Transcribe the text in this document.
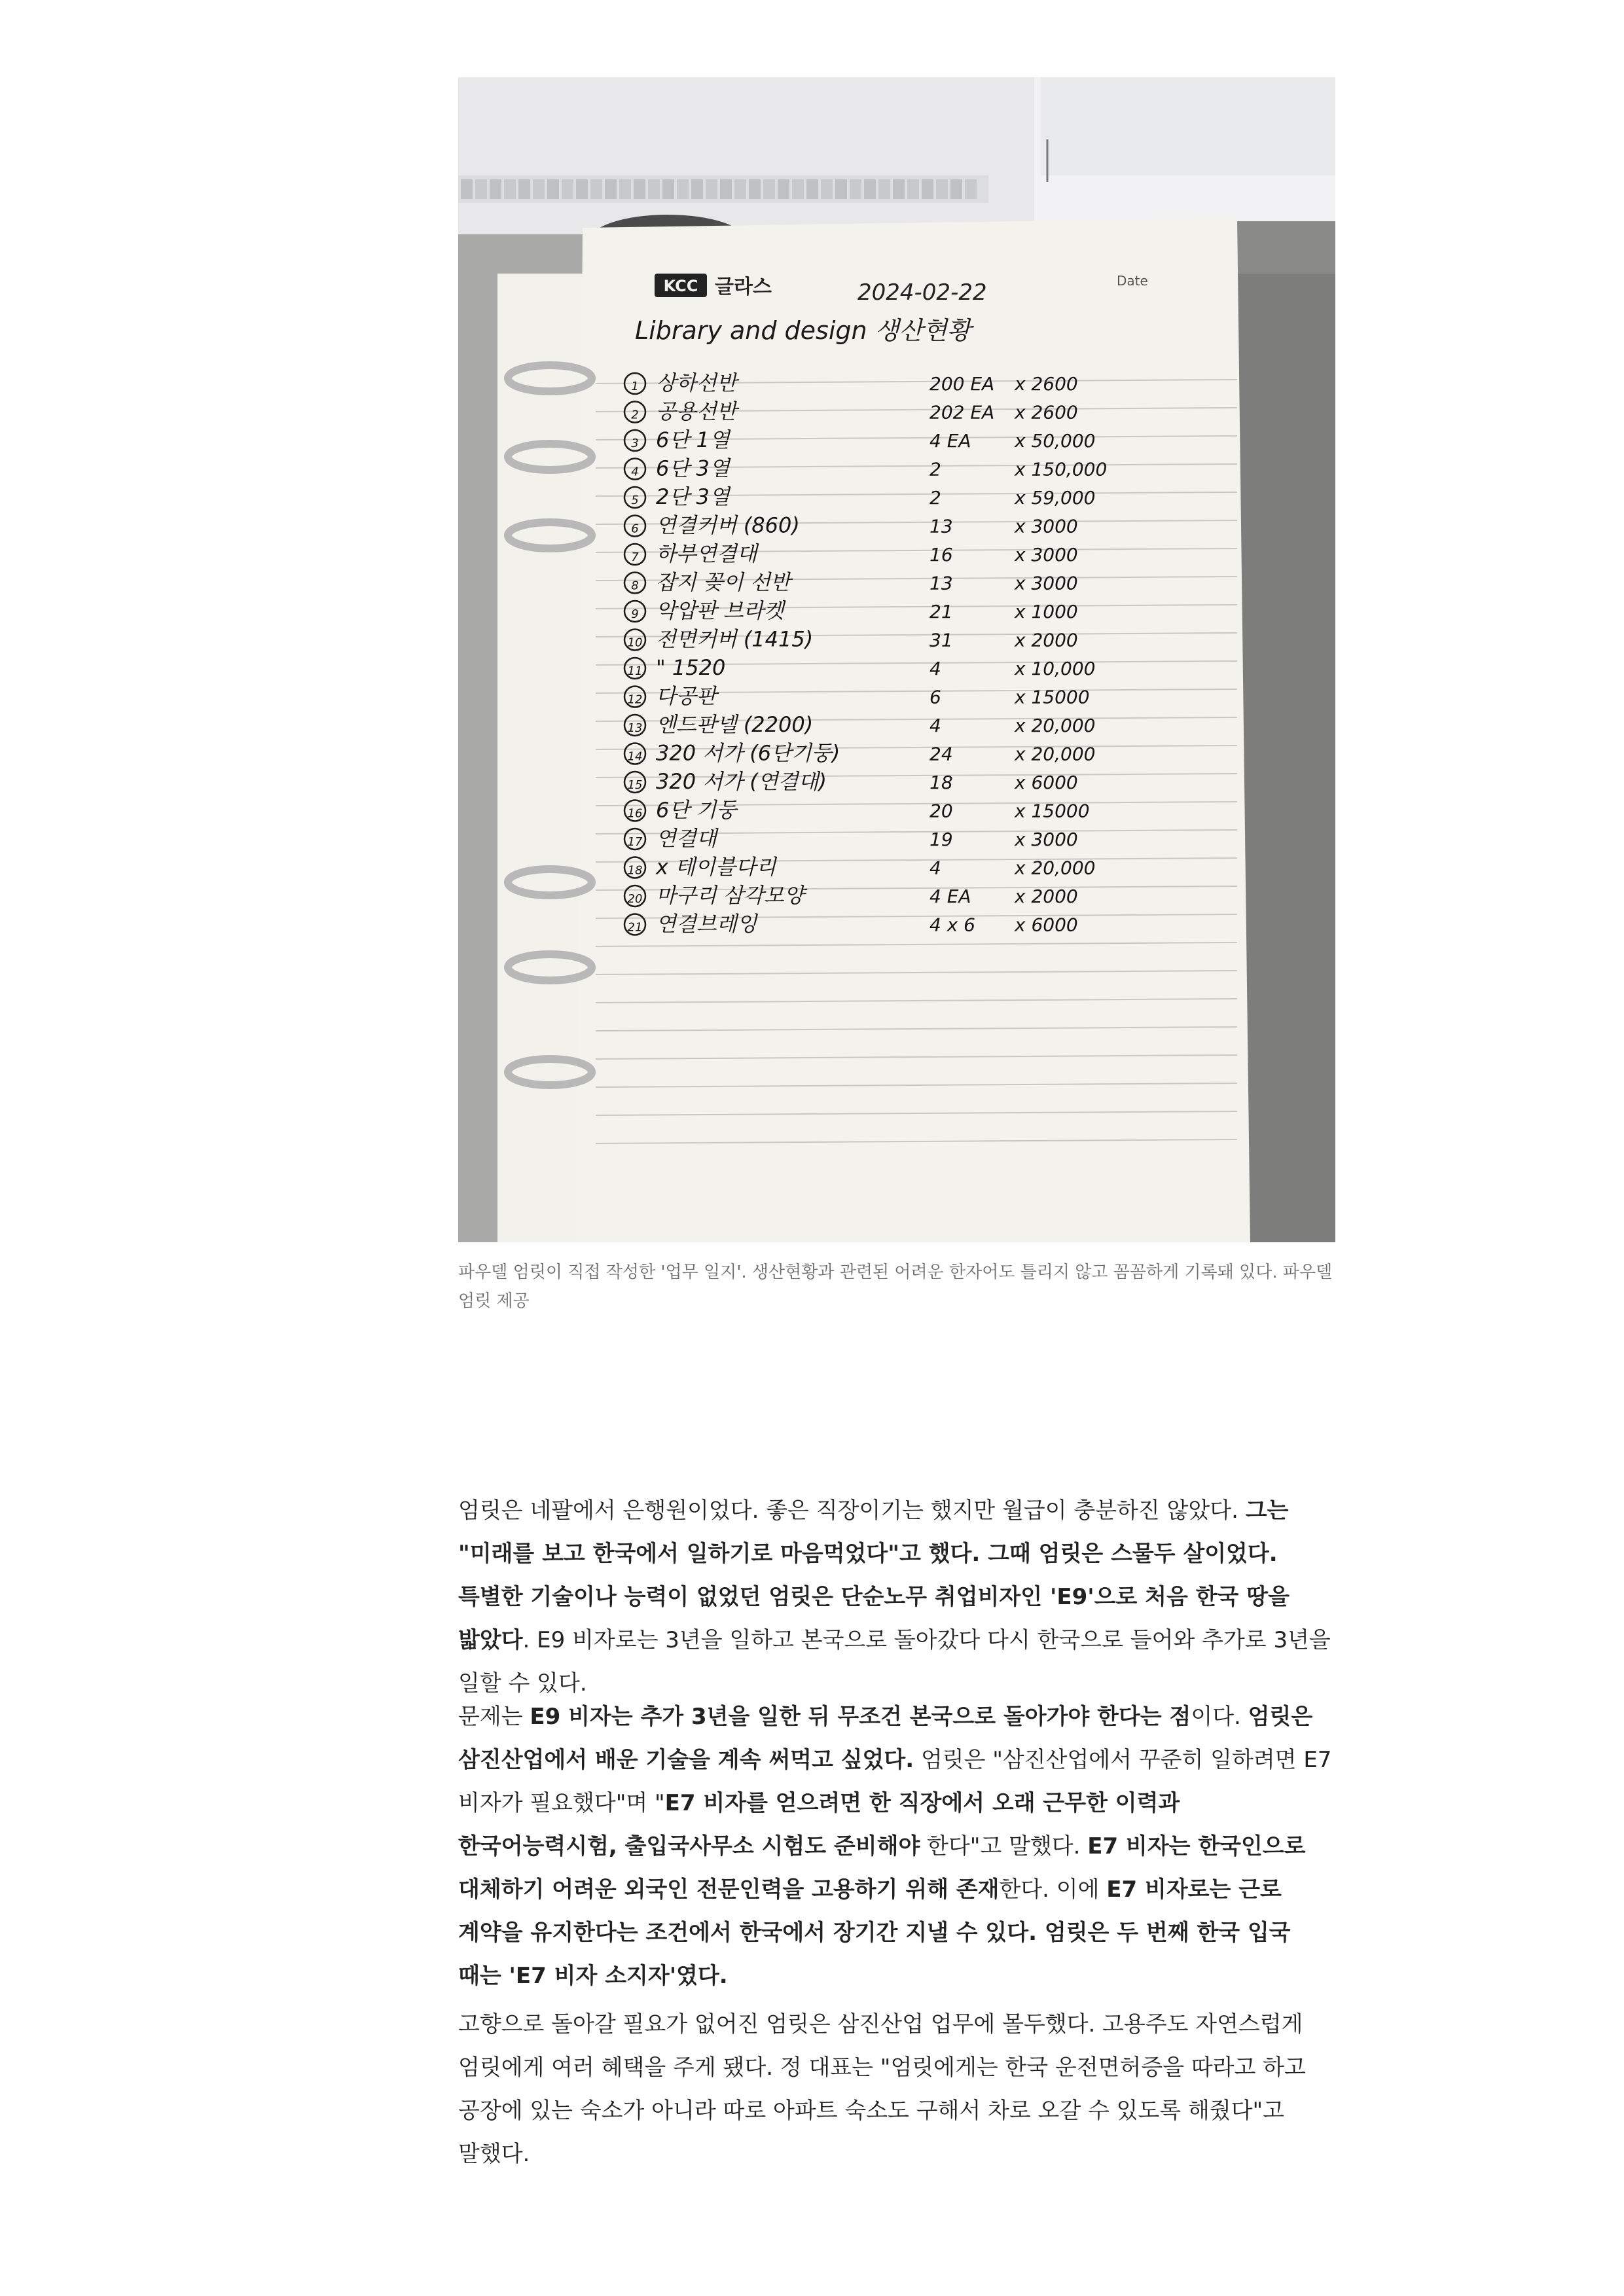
KCC 글라스	2024-02-22	Date
Library and design 생산현황
1 상하선반	200 EA x 2600
2 공용선반	202 EA x 2600
3 6단 1열	4 EA x 50,000
4 6단 3열	2	x 150,000
5 2단 3열	2	x 59,000
6 연결커버 (860)	13	x 3000
7 하부연결대	16	x 3000
8 잡지 꽂이 선반	13	x 3000
9 악압판 브라켓	21	x 1000
10 전면커버 (1415)	31	x 2000
11 " 1520	4	x 10,000
12 다공판	6	x 15000
13 엔드판넬 (2200)	4	x 20,000
14 320 서가 (6단기둥)	24	x 20,000
15 320 서가 (연결대)	18	x 6000
16 6단 기둥	20	x 15000
17 연결대	19	x 3000
18 x 테이블다리	4	x 20,000
20 마구리 삼각모양	4 EA x 2000
21 연결브레잉	4 x 6 x 6000
파우델 엄릿이 직접 작성한 '업무 일지'. 생산현황과 관련된 어려운 한자어도 틀리지 않고 꼼꼼하게 기록돼 있다. 파우델 엄릿 제공
엄릿은 네팔에서 은행원이었다. 좋은 직장이기는 했지만 월급이 충분하진 않았다. 그는 "미래를 보고 한국에서 일하기로 마음먹었다"고 했다. 그때 엄릿은 스물두 살이었다. 특별한 기술이나 능력이 없었던 엄릿은 단순노무 취업비자인 'E9'으로 처음 한국 땅을 밟았다. E9 비자로는 3년을 일하고 본국으로 돌아갔다 다시 한국으로 들어와 추가로 3년을 일할 수 있다.
문제는 E9 비자는 추가 3년을 일한 뒤 무조건 본국으로 돌아가야 한다는 점이다. 엄릿은 삼진산업에서 배운 기술을 계속 써먹고 싶었다. 엄릿은 "삼진산업에서 꾸준히 일하려면 E7 비자가 필요했다"며 "E7 비자를 얻으려면 한 직장에서 오래 근무한 이력과 한국어능력시험, 출입국사무소 시험도 준비해야 한다"고 말했다. E7 비자는 한국인으로 대체하기 어려운 외국인 전문인력을 고용하기 위해 존재한다. 이에 E7 비자로는 근로 계약을 유지한다는 조건에서 한국에서 장기간 지낼 수 있다. 엄릿은 두 번째 한국 입국 때는 'E7 비자 소지자'였다.
고향으로 돌아갈 필요가 없어진 엄릿은 삼진산업 업무에 몰두했다. 고용주도 자연스럽게 엄릿에게 여러 혜택을 주게 됐다. 정 대표는 "엄릿에게는 한국 운전면허증을 따라고 하고 공장에 있는 숙소가 아니라 따로 아파트 숙소도 구해서 차로 오갈 수 있도록 해줬다"고 말했다.
